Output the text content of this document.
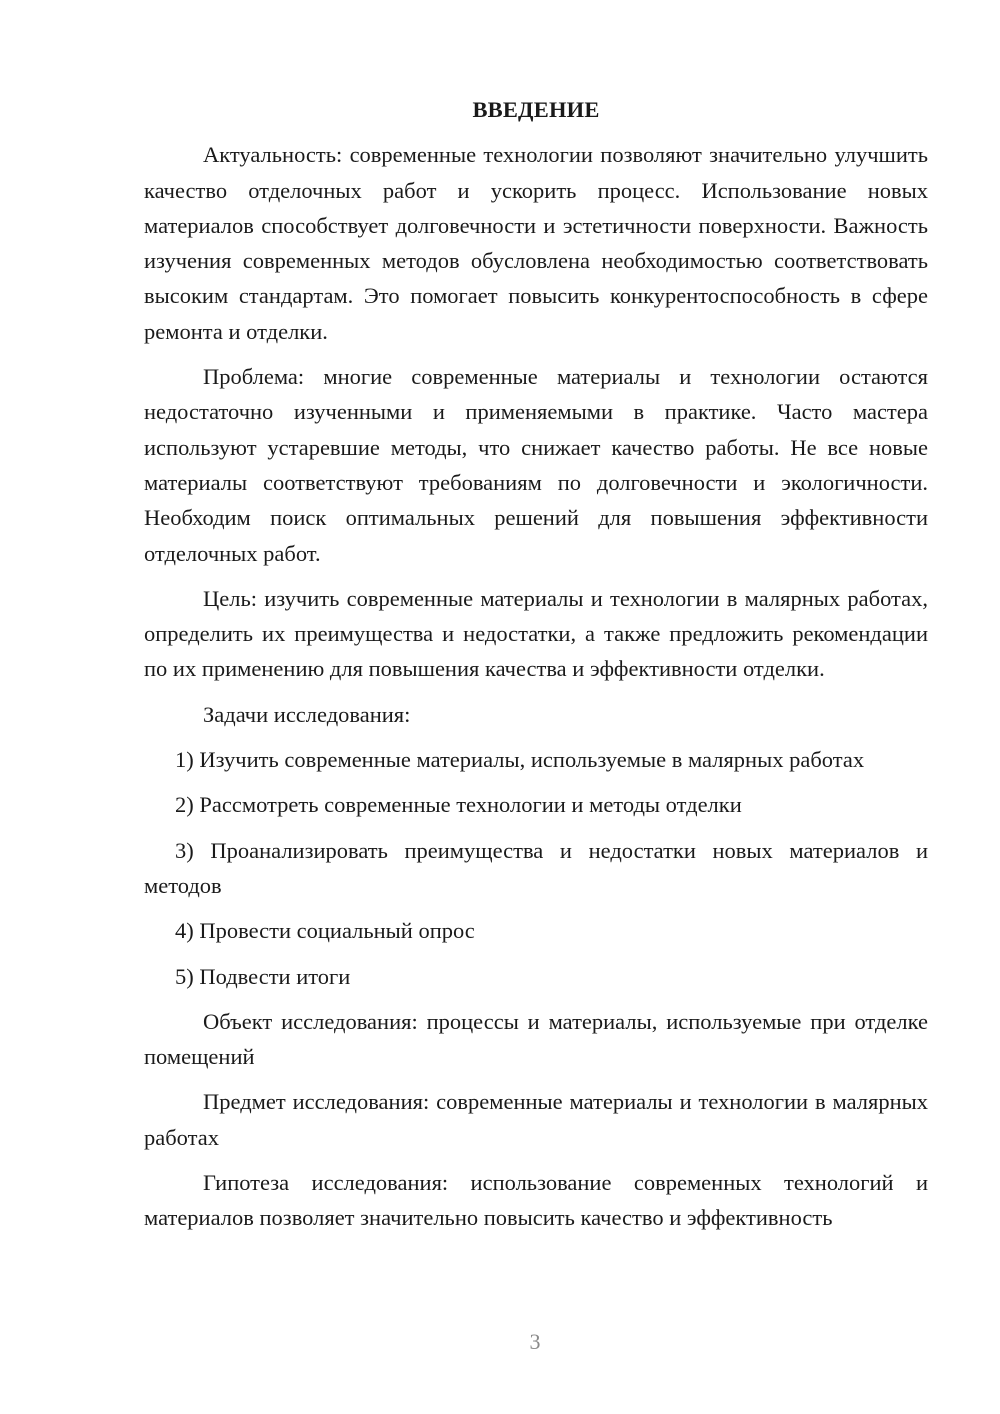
ВВЕДЕНИЕ

Актуальность: современные технологии позволяют значительно улучшить качество отделочных работ и ускорить процесс. Использование новых материалов способствует долговечности и эстетичности поверхности. Важность изучения современных методов обусловлена необходимостью соответствовать высоким стандартам. Это помогает повысить конкурентоспособность в сфере ремонта и отделки.

Проблема: многие современные материалы и технологии остаются недостаточно изученными и применяемыми в практике. Часто мастера используют устаревшие методы, что снижает качество работы. Не все новые материалы соответствуют требованиям по долговечности и экологичности. Необходим поиск оптимальных решений для повышения эффективности отделочных работ.

Цель: изучить современные материалы и технологии в малярных работах, определить их преимущества и недостатки, а также предложить рекомендации по их применению для повышения качества и эффективности отделки.

Задачи исследования:

1) Изучить современные материалы, используемые в малярных работах

2) Рассмотреть современные технологии и методы отделки

3) Проанализировать преимущества и недостатки новых материалов и методов

4) Провести социальный опрос

5) Подвести итоги

Объект исследования: процессы и материалы, используемые при отделке помещений

Предмет исследования: современные материалы и технологии в малярных работах

Гипотеза исследования: использование современных технологий и материалов позволяет значительно повысить качество и эффективность

3
